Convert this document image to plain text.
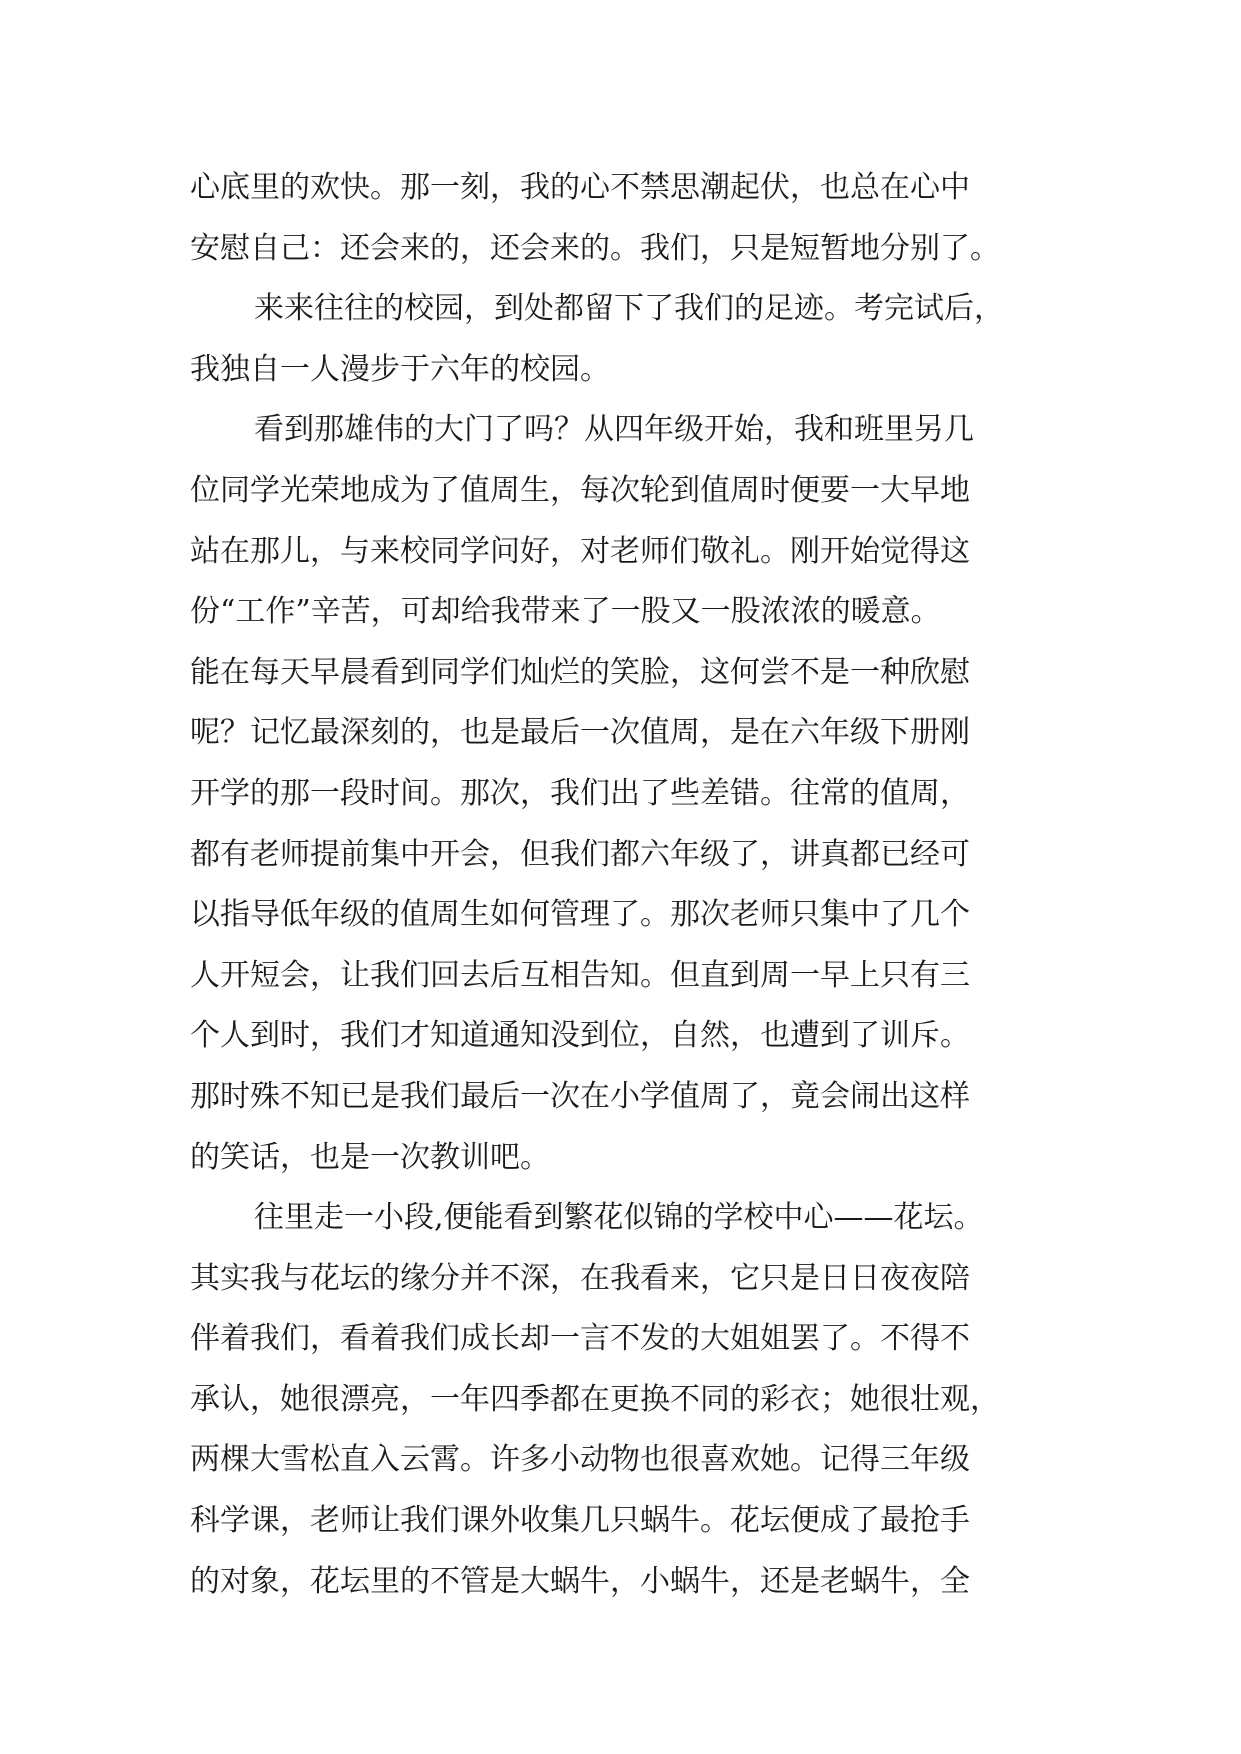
心底里的欢快。那一刻，我的心不禁思潮起伏，也总在心中
安慰自己：还会来的，还会来的。我们，只是短暂地分别了。
来来往往的校园，到处都留下了我们的足迹。考完试后，
我独自一人漫步于六年的校园。
看到那雄伟的大门了吗？从四年级开始，我和班里另几
位同学光荣地成为了值周生，每次轮到值周时便要一大早地
站在那儿，与来校同学问好，对老师们敬礼。刚开始觉得这
份“工作”辛苦，可却给我带来了一股又一股浓浓的暖意。
能在每天早晨看到同学们灿烂的笑脸，这何尝不是一种欣慰
呢？记忆最深刻的，也是最后一次值周，是在六年级下册刚
开学的那一段时间。那次，我们出了些差错。往常的值周，
都有老师提前集中开会，但我们都六年级了，讲真都已经可
以指导低年级的值周生如何管理了。那次老师只集中了几个
人开短会，让我们回去后互相告知。但直到周一早上只有三
个人到时，我们才知道通知没到位，自然，也遭到了训斥。
那时殊不知已是我们最后一次在小学值周了，竟会闹出这样
的笑话，也是一次教训吧。
往里走一小段,便能看到繁花似锦的学校中心——花坛。
其实我与花坛的缘分并不深，在我看来，它只是日日夜夜陪
伴着我们，看着我们成长却一言不发的大姐姐罢了。不得不
承认，她很漂亮，一年四季都在更换不同的彩衣；她很壮观，
两棵大雪松直入云霄。许多小动物也很喜欢她。记得三年级
科学课，老师让我们课外收集几只蜗牛。花坛便成了最抢手
的对象，花坛里的不管是大蜗牛，小蜗牛，还是老蜗牛，全
